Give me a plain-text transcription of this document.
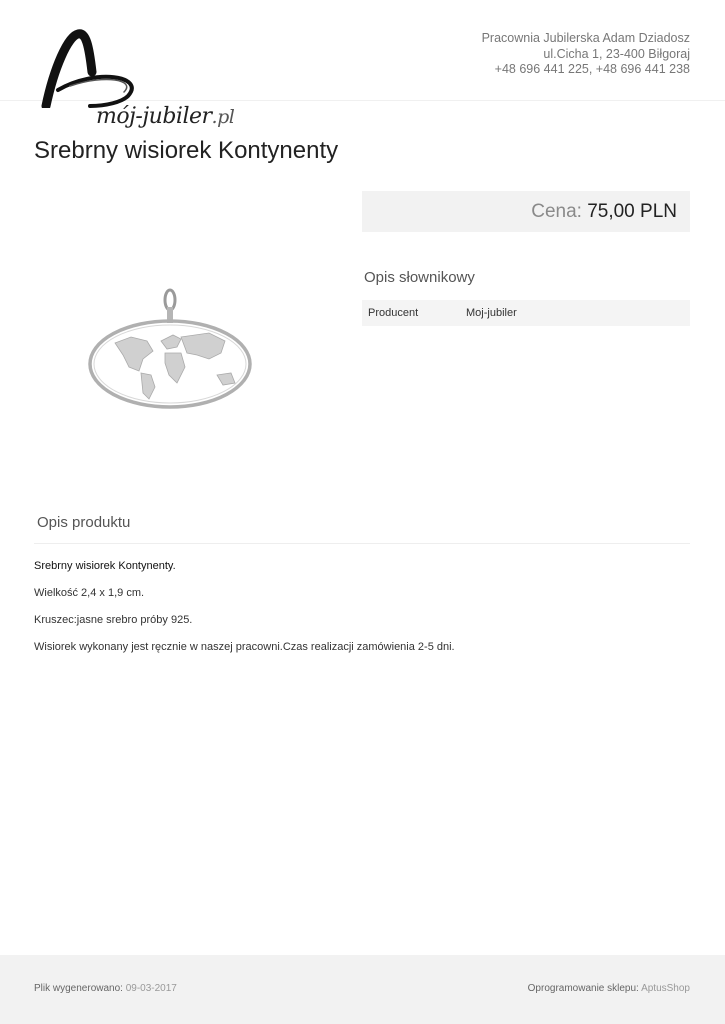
mój-jubiler.pl
Pracownia Jubilerska Adam Dziadosz
ul.Cicha 1, 23-400 Biłgoraj
+48 696 441 225, +48 696 441 238
Srebrny wisiorek Kontynenty
Cena: 75,00 PLN
Opis słownikowy
Producent	Moj-jubiler
Opis produktu

Srebrny wisiorek Kontynenty.

Wielkość 2,4 x 1,9 cm.

Kruszec:jasne srebro próby 925.

Wisiorek wykonany jest ręcznie w naszej pracowni.Czas realizacji zamówienia 2-5 dni.

Plik wygenerowano: 09-03-2017	Oprogramowanie sklepu: AptusShop
